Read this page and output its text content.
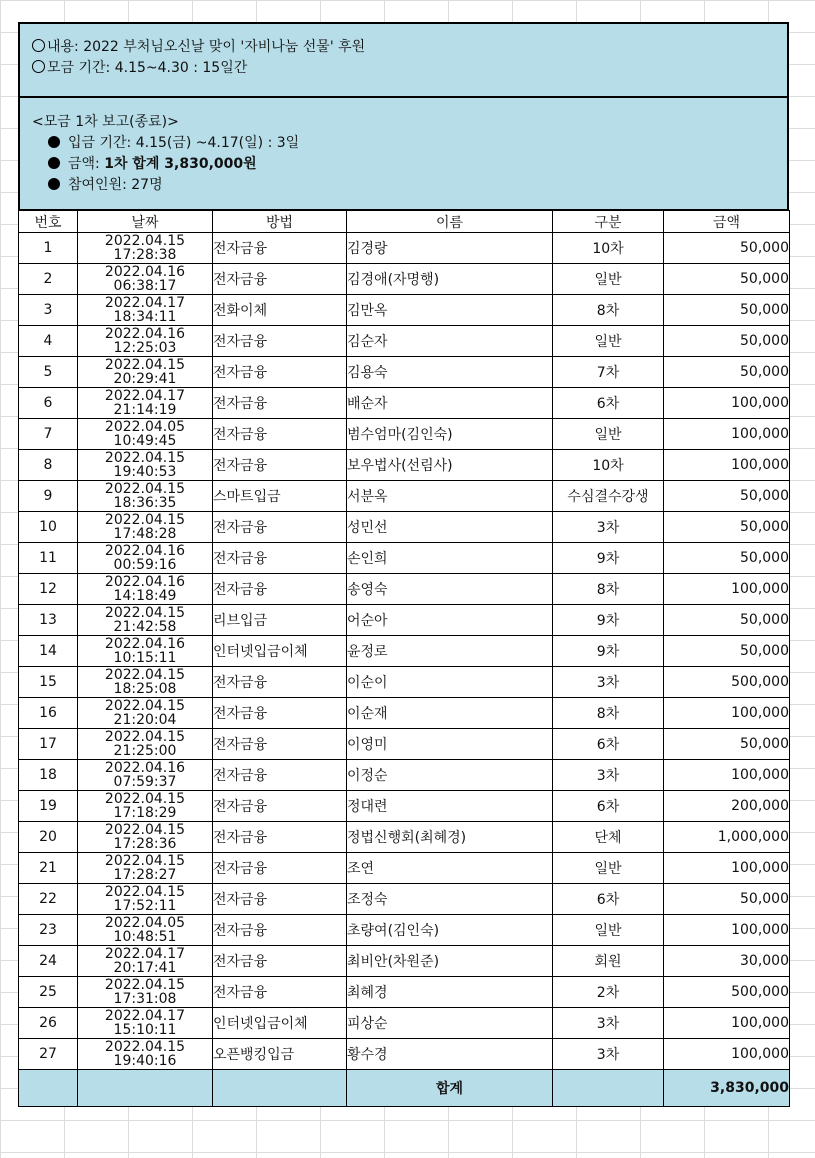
내용: 2022 부처님오신날 맞이 '자비나눔 선물' 후원
모금 기간: 4.15~4.30 : 15일간
<모금 1차 보고(종료)>
입금 기간: 4.15(금) ~4.17(일) : 3일
금액: 1차 합계 3,830,000원
참여인원: 27명
번호	날짜	방법	이름	구분	금액
1	2022.04.15
17:28:38	전자금융	김경랑	10차	50,000
2	2022.04.16
06:38:17	전자금융	김경애(자명행)	일반	50,000
3	2022.04.17
18:34:11	전화이체	김만옥	8차	50,000
4	2022.04.16
12:25:03	전자금융	김순자	일반	50,000
5	2022.04.15
20:29:41	전자금융	김용숙	7차	50,000
6	2022.04.17
21:14:19	전자금융	배순자	6차	100,000
7	2022.04.05
10:49:45	전자금융	범수엄마(김인숙)	일반	100,000
8	2022.04.15
19:40:53	전자금융	보우법사(선림사)	10차	100,000
9	2022.04.15
18:36:35	스마트입금	서분옥	수심결수강생	50,000
10	2022.04.15
17:48:28	전자금융	성민선	3차	50,000
11	2022.04.16
00:59:16	전자금융	손인희	9차	50,000
12	2022.04.16
14:18:49	전자금융	송영숙	8차	100,000
13	2022.04.15
21:42:58	리브입금	어순아	9차	50,000
14	2022.04.16
10:15:11	인터넷입금이체	윤정로	9차	50,000
15	2022.04.15
18:25:08	전자금융	이순이	3차	500,000
16	2022.04.15
21:20:04	전자금융	이순재	8차	100,000
17	2022.04.15
21:25:00	전자금융	이영미	6차	50,000
18	2022.04.16
07:59:37	전자금융	이정순	3차	100,000
19	2022.04.15
17:18:29	전자금융	정대련	6차	200,000
20	2022.04.15
17:28:36	전자금융	정법신행회(최혜경)	단체	1,000,000
21	2022.04.15
17:28:27	전자금융	조연	일반	100,000
22	2022.04.15
17:52:11	전자금융	조정숙	6차	50,000
23	2022.04.05
10:48:51	전자금융	초량여(김인숙)	일반	100,000
24	2022.04.17
20:17:41	전자금융	최비안(차원준)	회원	30,000
25	2022.04.15
17:31:08	전자금융	최혜경	2차	500,000
26	2022.04.17
15:10:11	인터넷입금이체	피상순	3차	100,000
27	2022.04.15
19:40:16	오픈뱅킹입금	황수경	3차	100,000
			합계		3,830,000
